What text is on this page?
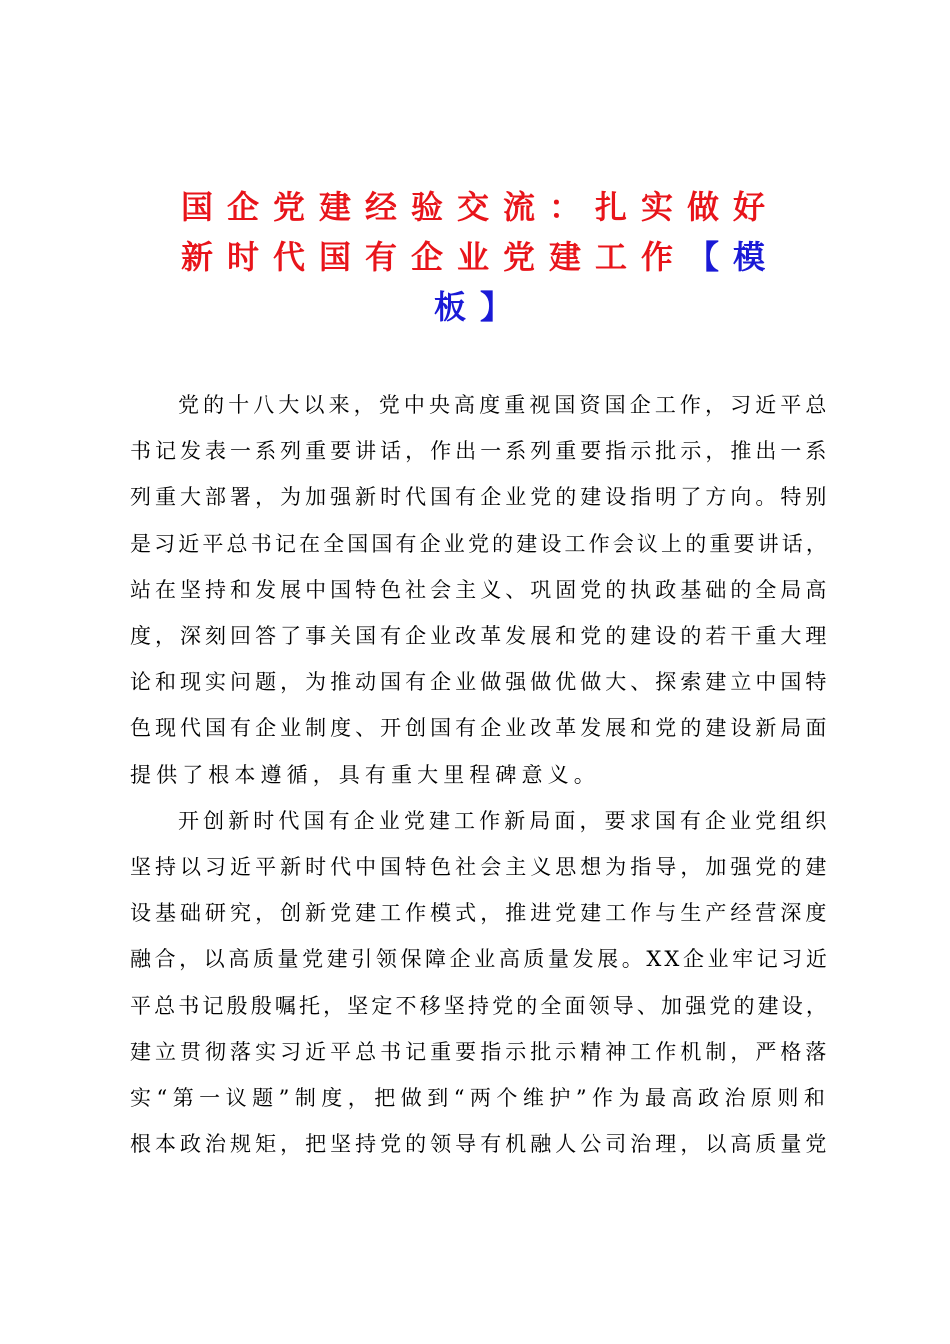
国企党建经验交流：扎实做好
新时代国有企业党建工作【模
板】
党的十八大以来，党中央高度重视国资国企工作，习近平总
书记发表一系列重要讲话，作出一系列重要指示批示，推出一系
列重大部署，为加强新时代国有企业党的建设指明了方向。特别
是习近平总书记在全国国有企业党的建设工作会议上的重要讲话，
站在坚持和发展中国特色社会主义、巩固党的执政基础的全局高
度，深刻回答了事关国有企业改革发展和党的建设的若干重大理
论和现实问题，为推动国有企业做强做优做大、探索建立中国特
色现代国有企业制度、开创国有企业改革发展和党的建设新局面
提供了根本遵循，具有重大里程碑意义。
开创新时代国有企业党建工作新局面，要求国有企业党组织
坚持以习近平新时代中国特色社会主义思想为指导，加强党的建
设基础研究，创新党建工作模式，推进党建工作与生产经营深度
融合，以高质量党建引领保障企业高质量发展。XX企业牢记习近
平总书记殷殷嘱托，坚定不移坚持党的全面领导、加强党的建设，
建立贯彻落实习近平总书记重要指示批示精神工作机制，严格落
实“第一议题”制度，把做到“两个维护”作为最高政治原则和
根本政治规矩，把坚持党的领导有机融人公司治理，以高质量党
